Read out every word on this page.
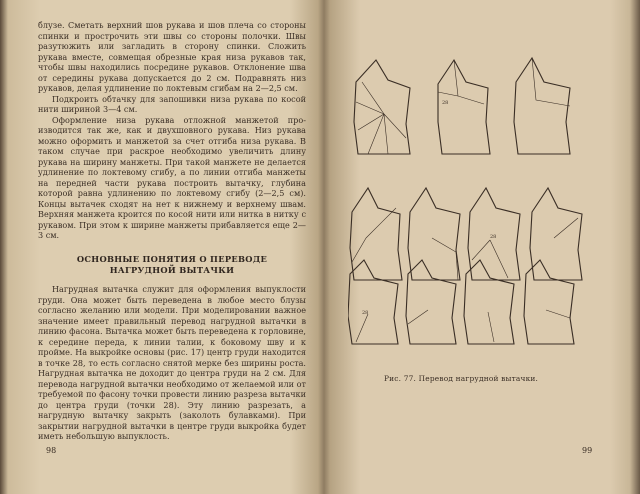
блузе. Сметать верхний шов рукава и шов плеча со стороны спинки и прострочить эти швы со стороны полочки. Швы разутюжить или загладить в сторону спинки. Сложить рукава вместе, совмещая обрезные края низа рукавов так, чтобы швы находились посредине рукавов. Отклонение шва от середины рукава допускается до 2 см. Подравнять низ рукавов, делая удлинение по локтевым сгибам на 2—2,5 см.

Подкроить обтачку для запошивки низа рукава по косой нити шириной 3—4 см.

Оформление низа рукава отложной манжетой производится так же, как и двухшовного рукава. Низ рукава можно оформить и манжетой за счет отгиба низа рукава. В таком случае при раскрое необходимо увеличить длину рукава на ширину манжеты. При такой манжете не делается удлинение по локтевому сгибу, а по линии отгиба манжеты на передней части рукава построить вытачку, глубина которой равна удлинению по локтевому сгибу (2—2,5 см). Концы вытачек сходят на нет к нижнему и верхнему швам. Верхняя манжета кроится по косой нити или нитка в нитку с рукавом. При этом к ширине манжеты прибавляется еще 2—3 см.

ОСНОВНЫЕ ПОНЯТИЯ О ПЕРЕВОДЕ
НАГРУДНОЙ ВЫТАЧКИ

Нагрудная вытачка служит для оформления выпуклости груди. Она может быть переведена в любое место блузы согласно желанию или модели. При моделировании важное значение имеет правильный перевод нагрудной вытачки в линию фасона. Вытачка может быть переведена к горловине, к середине переда, к линии талии, к боковому шву и к пройме. На выкройке основы (рис. 17) центр груди находится в точке 28, то есть согласно снятой мерке без ширины роста. Нагрудная вытачка не доходит до центра груди на 2 см. Для перевода нагрудной вытачки необходимо от желаемой или от требуемой по фасону точки провести линию разреза вытачки до центра груди (точки 28). Эту линию разрезать, а нагрудную вытачку закрыть (заколоть булавками). При закрытии нагрудной вытачки в центре груди выкройка будет иметь небольшую выпуклость.

98
28
28
28
Рис. 77. Перевод нагрудной вытачки.
99
